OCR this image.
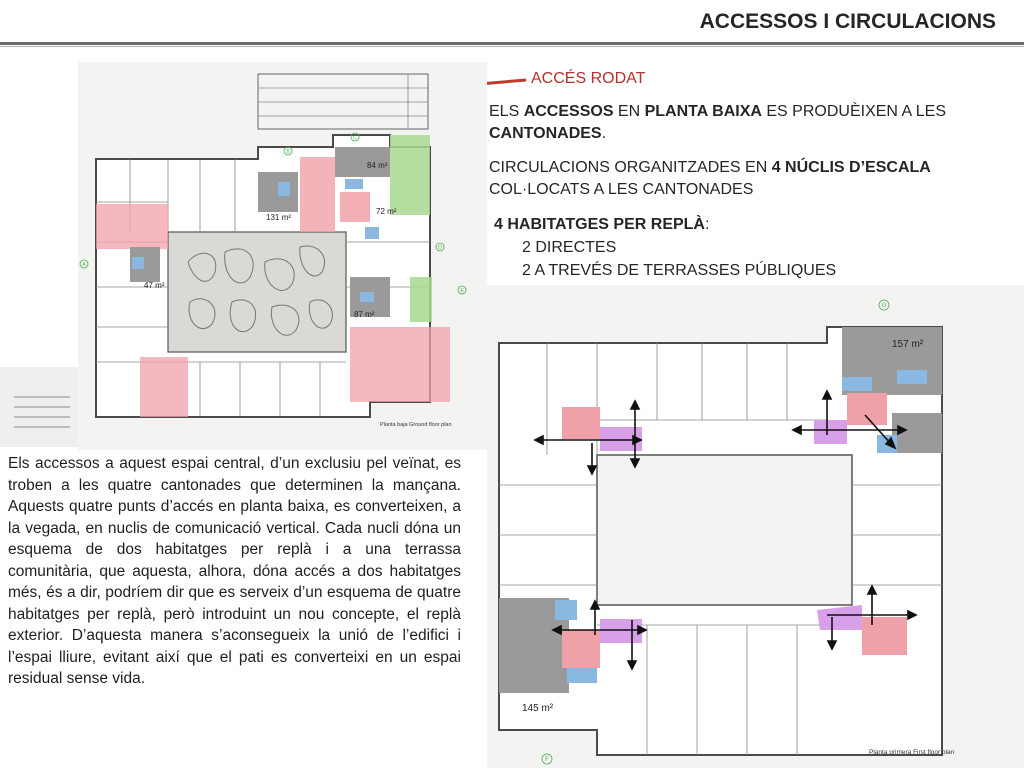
ACCESSOS I CIRCULACIONS
ACCÉS RODAT
ELS ACCESSOS EN PLANTA BAIXA ES PRODUÈIXEN A LES CANTONADES.
CIRCULACIONS ORGANITZADES EN 4 NÚCLIS D’ESCALA COL·LOCATS A LES CANTONADES
4 HABITATGES PER REPLÀ:
2 DIRECTES
2 A TREVÉS DE TERRASSES PÚBLIQUES
Els accessos a aquest espai central, d’un exclusiu pel veïnat, es troben a les quatre cantonades que determinen la mançana. Aquests quatre punts d’accés en planta baixa, es converteixen, a la vegada, en nuclis de comunicació vertical. Cada nucli dóna un esquema de dos habitatges per replà i a una terrassa comunitària, que aquesta, alhora, dóna accés a dos habitatges més, és a dir, podríem dir que es serveix d’un esquema de quatre habitatges per replà, però introduint un nou concepte, el replà exterior. D’aquesta manera s’aconsegueix la unió de l’edifici i l’espai lliure, evitant així que el pati es converteixi en un espai residual sense vida.
84 m²
72 m²
131 m²
47 m²
87 m²
B
C
D
A
E
Planta baja Ground floor plan
157 m²
145 m²
G
F
Planta primera First floor plan
